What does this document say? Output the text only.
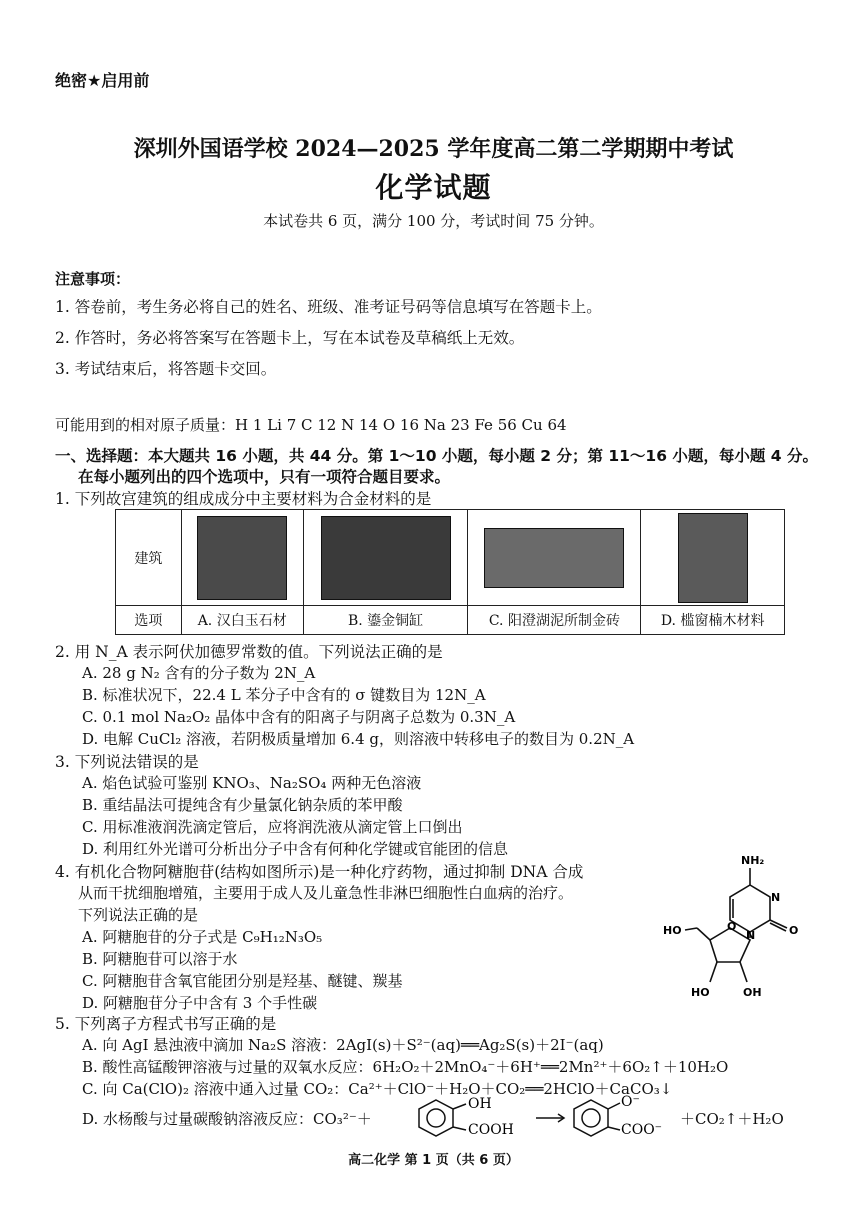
绝密★启用前
深圳外国语学校 2024—2025 学年度高二第二学期期中考试
化学试题
本试卷共 6 页，满分 100 分，考试时间 75 分钟。
注意事项：
1. 答卷前，考生务必将自己的姓名、班级、准考证号码等信息填写在答题卡上。
2. 作答时，务必将答案写在答题卡上，写在本试卷及草稿纸上无效。
3. 考试结束后，将答题卡交回。
可能用到的相对原子质量：H 1 Li 7 C 12 N 14 O 16 Na 23 Fe 56 Cu 64
一、选择题：本大题共 16 小题，共 44 分。第 1～10 小题，每小题 2 分；第 11～16 小题，每小题 4 分。
在每小题列出的四个选项中，只有一项符合题目要求。
1. 下列故宫建筑的组成成分中主要材料为合金材料的是
建筑	

选项	A. 汉白玉石材	B. 鎏金铜缸	C. 阳澄湖泥所制金砖	D. 槛窗楠木材料
2. 用 N_A 表示阿伏加德罗常数的值。下列说法正确的是
A. 28 g N₂ 含有的分子数为 2N_A
B. 标准状况下，22.4 L 苯分子中含有的 σ 键数目为 12N_A
C. 0.1 mol Na₂O₂ 晶体中含有的阳离子与阴离子总数为 0.3N_A
D. 电解 CuCl₂ 溶液，若阴极质量增加 6.4 g，则溶液中转移电子的数目为 0.2N_A
3. 下列说法错误的是
A. 焰色试验可鉴别 KNO₃、Na₂SO₄ 两种无色溶液
B. 重结晶法可提纯含有少量氯化钠杂质的苯甲酸
C. 用标准液润洗滴定管后，应将润洗液从滴定管上口倒出
D. 利用红外光谱可分析出分子中含有何种化学键或官能团的信息
4. 有机化合物阿糖胞苷(结构如图所示)是一种化疗药物，通过抑制 DNA 合成
从而干扰细胞增殖，主要用于成人及儿童急性非淋巴细胞性白血病的治疗。
下列说法正确的是
A. 阿糖胞苷的分子式是 C₉H₁₂N₃O₅
B. 阿糖胞苷可以溶于水
C. 阿糖胞苷含氧官能团分别是羟基、醚键、羰基
D. 阿糖胞苷分子中含有 3 个手性碳
NH₂
N
N	O
O
HO
HO	OH
5. 下列离子方程式书写正确的是
A. 向 AgI 悬浊液中滴加 Na₂S 溶液：2AgI(s)＋S²⁻(aq)══Ag₂S(s)＋2I⁻(aq)
B. 酸性高锰酸钾溶液与过量的双氧水反应：6H₂O₂＋2MnO₄⁻＋6H⁺══2Mn²⁺＋6O₂↑＋10H₂O
C. 向 Ca(ClO)₂ 溶液中通入过量 CO₂：Ca²⁺＋ClO⁻＋H₂O＋CO₂══2HClO＋CaCO₃↓
D. 水杨酸与过量碳酸钠溶液反应：CO₃²⁻＋
OH
COOH
O⁻
COO⁻
＋CO₂↑＋H₂O
高二化学 第 1 页（共 6 页）
